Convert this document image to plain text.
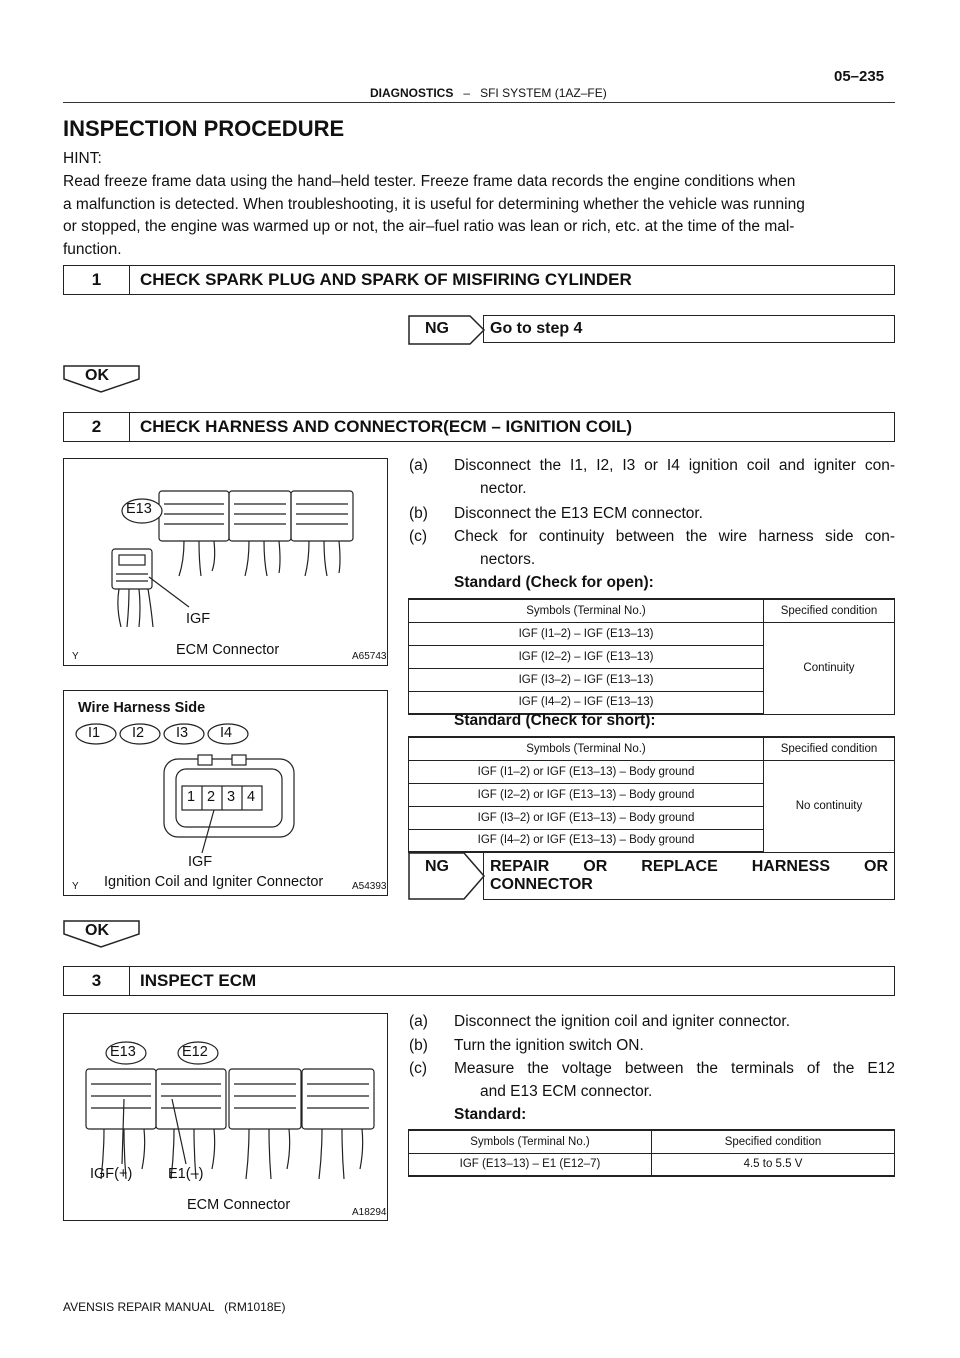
05–235
DIAGNOSTICS – SFI SYSTEM (1AZ–FE)
INSPECTION PROCEDURE
HINT:
Read freeze frame data using the hand–held tester. Freeze frame data records the engine conditions when
a malfunction is detected. When troubleshooting, it is useful for determining whether the vehicle was running
or stopped, the engine was warmed up or not, the air–fuel ratio was lean or rich, etc. at the time of the mal-
function.
1	CHECK SPARK PLUG AND SPARK OF MISFIRING CYLINDER
NG	Go to step 4
OK
2	CHECK HARNESS AND CONNECTOR(ECM – IGNITION COIL)
E13
IGF
ECM Connector	A65743
Y
(a) Disconnect the I1, I2, I3 or I4 ignition coil and igniter con-
nector.
(b) Disconnect the E13 ECM connector.
(c) Check for continuity between the wire harness side con-
nectors.
Standard (Check for open):
Symbols (Terminal No.)	Specified condition
IGF (I1–2) – IGF (E13–13)	Continuity
IGF (I2–2) – IGF (E13–13)	
IGF (I3–2) – IGF (E13–13)	
IGF (I4–2) – IGF (E13–13)	
Standard (Check for short):
Symbols (Terminal No.)	Specified condition
IGF (I1–2) or IGF (E13–13) – Body ground	No continuity
IGF (I2–2) or IGF (E13–13) – Body ground	
IGF (I3–2) or IGF (E13–13) – Body ground	
IGF (I4–2) or IGF (E13–13) – Body ground	
Wire Harness Side
I1 I2 I3 I4
1 2 3 4
IGF
Ignition Coil and Igniter Connector	A54393
Y
NG	REPAIR OR REPLACE HARNESS OR
CONNECTOR
OK
3	INSPECT ECM
E13	E12
IGF(+) E1(–)
ECM Connector	A18294
(a) Disconnect the ignition coil and igniter connector.
(b) Turn the ignition switch ON.
(c) Measure the voltage between the terminals of the E12
and E13 ECM connector.
Standard:
Symbols (Terminal No.)	Specified condition
IGF (E13–13) – E1 (E12–7)	4.5 to 5.5 V
AVENSIS REPAIR MANUAL   (RM1018E)
